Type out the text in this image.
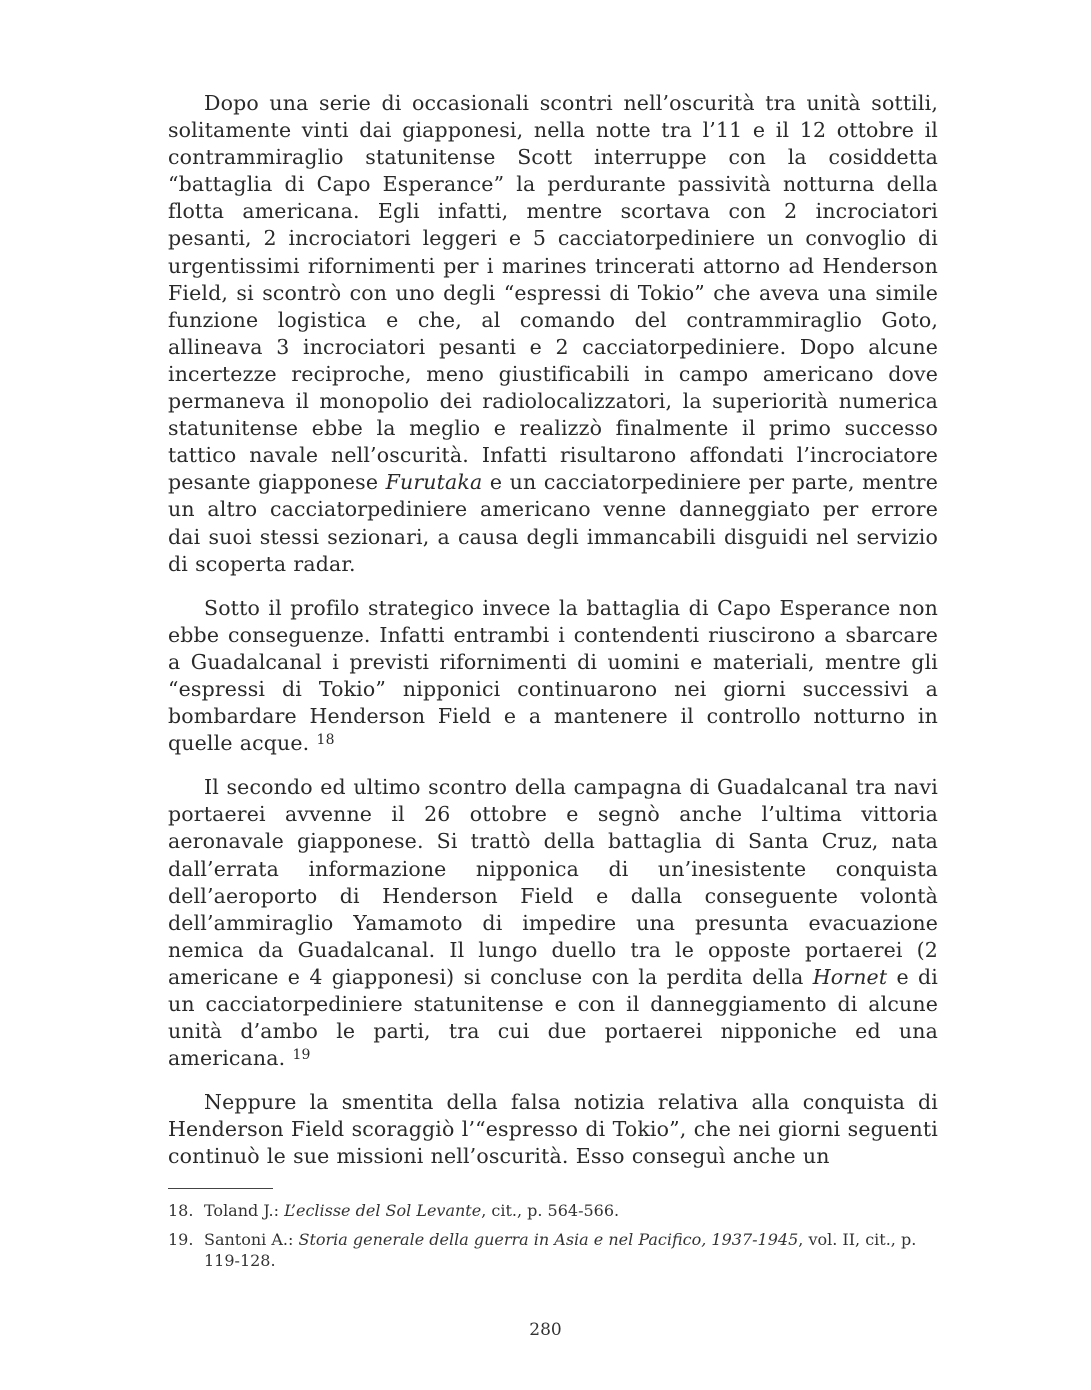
Dopo una serie di occasionali scontri nell’oscurità tra unità sottili, solitamente vinti dai giapponesi, nella notte tra l’11 e il 12 ottobre il contrammiraglio statunitense Scott interruppe con la cosiddetta “battaglia di Capo Esperance” la perdurante passività notturna della flotta americana. Egli infatti, mentre scortava con 2 incrociatori pesanti, 2 incrociatori leggeri e 5 cacciatorpediniere un convoglio di urgentissimi rifornimenti per i marines trincerati attorno ad Henderson Field, si scontrò con uno degli “espressi di Tokio” che aveva una simile funzione logistica e che, al comando del contrammiraglio Goto, allineava 3 incrociatori pesanti e 2 cacciatorpediniere. Dopo alcune incertezze reciproche, meno giustificabili in campo americano dove permaneva il monopolio dei radiolocalizzatori, la superiorità numerica statunitense ebbe la meglio e realizzò finalmente il primo successo tattico navale nell’oscurità. Infatti risultarono affondati l’incrociatore pesante giapponese Furutaka e un cacciatorpediniere per parte, mentre un altro cacciatorpediniere americano venne danneggiato per errore dai suoi stessi sezionari, a causa degli immancabili disguidi nel servizio di scoperta radar.

Sotto il profilo strategico invece la battaglia di Capo Esperance non ebbe conseguenze. Infatti entrambi i contendenti riuscirono a sbarcare a Guadalcanal i previsti rifornimenti di uomini e materiali, mentre gli “espressi di Tokio” nipponici continuarono nei giorni successivi a bombardare Henderson Field e a mantenere il controllo notturno in quelle acque. $^{18}$

Il secondo ed ultimo scontro della campagna di Guadalcanal tra navi portaerei avvenne il 26 ottobre e segnò anche l’ultima vittoria aeronavale giapponese. Si trattò della battaglia di Santa Cruz, nata dall’errata informazione nipponica di un’inesistente conquista dell’aeroporto di Henderson Field e dalla conseguente volontà dell’ammiraglio Yamamoto di impedire una presunta evacuazione nemica da Guadalcanal. Il lungo duello tra le opposte portaerei (2 americane e 4 giapponesi) si concluse con la perdita della Hornet e di un cacciatorpediniere statunitense e con il danneggiamento di alcune unità d’ambo le parti, tra cui due portaerei nipponiche ed una americana. $^{19}$

Neppure la smentita della falsa notizia relativa alla conquista di Henderson Field scoraggiò l’“espresso di Tokio”, che nei giorni seguenti continuò le sue missioni nell’oscurità. Esso conseguì anche un

18. Toland J.: L’eclisse del Sol Levante, cit., p. 564-566.
19. Santoni A.: Storia generale della guerra in Asia e nel Pacifico, 1937-1945, vol. II, cit., p. 119-128.
280
